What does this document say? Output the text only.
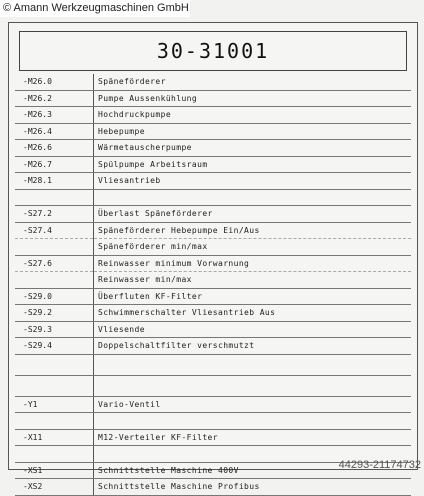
© Amann Werkzeugmaschinen GmbH
30-31001
-M26.0	Späneförderer
-M26.2	Pumpe Aussenkühlung
-M26.3	Hochdruckpumpe
-M26.4	Hebepumpe
-M26.6	Wärmetauscherpumpe
-M26.7	Spülpumpe Arbeitsraum
-M28.1	Vliesantrieb

-S27.2	Überlast Späneförderer
-S27.4	Späneförderer Hebepumpe Ein/Aus
	Späneförderer min/max
-S27.6	Reinwasser minimum Vorwarnung
	Reinwasser min/max
-S29.0	Überfluten KF-Filter
-S29.2	Schwimmerschalter Vliesantrieb Aus
-S29.3	Vliesende
-S29.4	Doppelschaltfilter verschmutzt

-Y1	Vario-Ventil

-X11	M12-Verteiler KF-Filter

-XS1	Schnittstelle Maschine 400V
-XS2	Schnittstelle Maschine Profibus
44293-21174732
